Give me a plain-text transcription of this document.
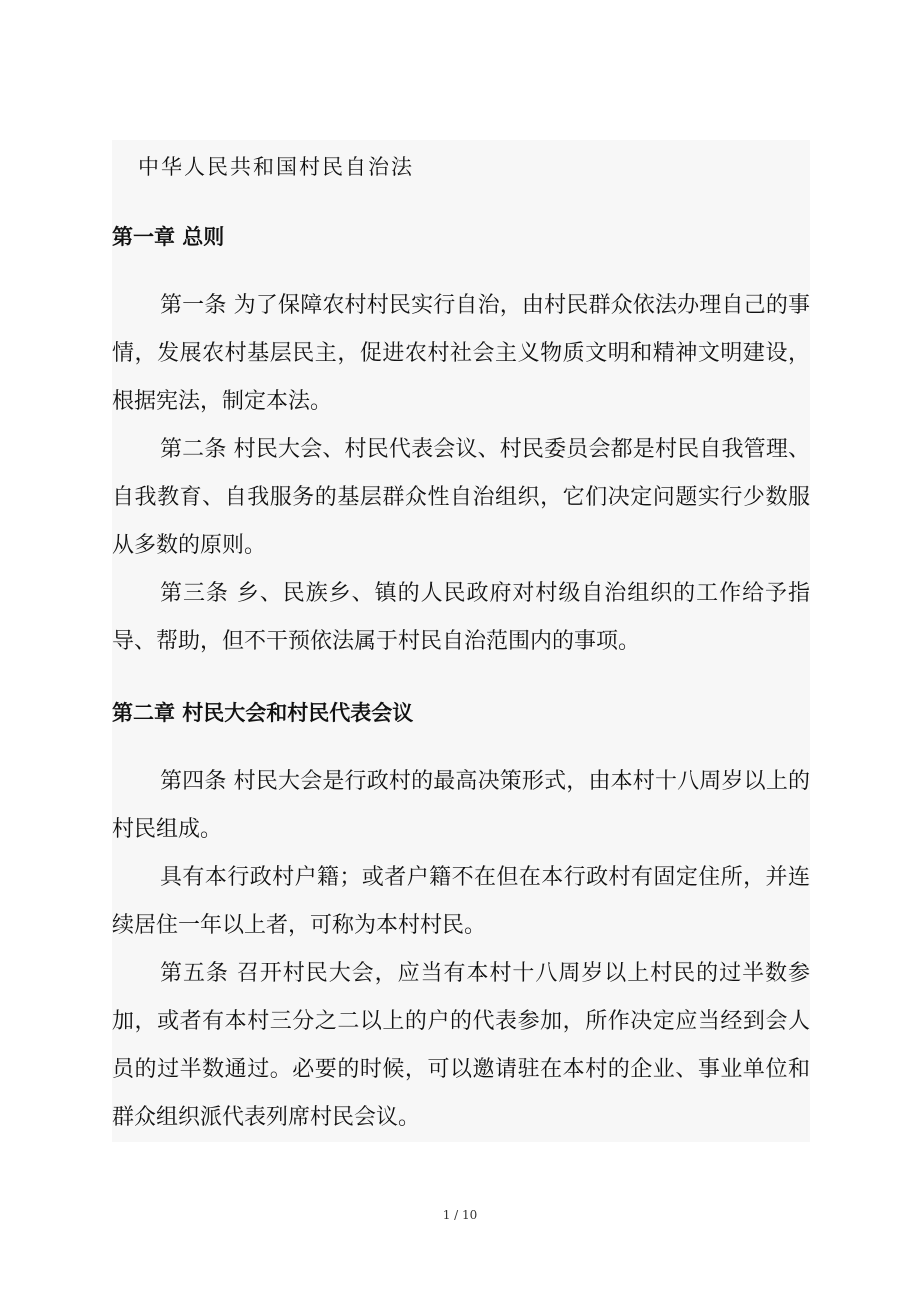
中华人民共和国村民自治法
第一章 总则

第一条 为了保障农村村民实行自治，由村民群众依法办理自己的事情，发展农村基层民主，促进农村社会主义物质文明和精神文明建设，根据宪法，制定本法。

第二条 村民大会、村民代表会议、村民委员会都是村民自我管理、自我教育、自我服务的基层群众性自治组织，它们决定问题实行少数服从多数的原则。

第三条 乡、民族乡、镇的人民政府对村级自治组织的工作给予指导、帮助，但不干预依法属于村民自治范围内的事项。

第二章 村民大会和村民代表会议

第四条 村民大会是行政村的最高决策形式，由本村十八周岁以上的村民组成。

具有本行政村户籍；或者户籍不在但在本行政村有固定住所，并连续居住一年以上者，可称为本村村民。

第五条 召开村民大会，应当有本村十八周岁以上村民的过半数参加，或者有本村三分之二以上的户的代表参加，所作决定应当经到会人员的过半数通过。必要的时候，可以邀请驻在本村的企业、事业单位和群众组织派代表列席村民会议。

1 / 10
